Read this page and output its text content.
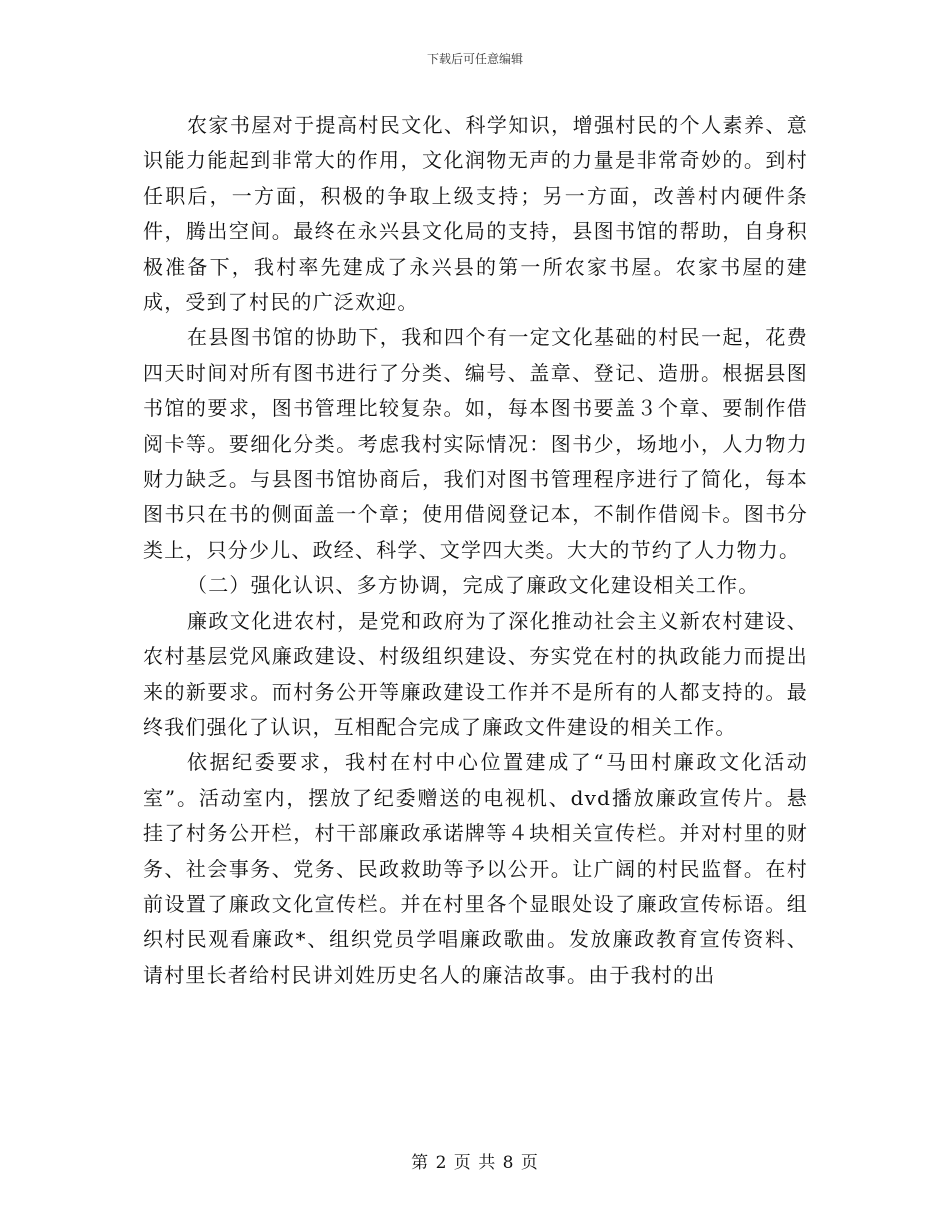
下载后可任意编辑

农家书屋对于提高村民文化、科学知识，增强村民的个人素养、意识能力能起到非常大的作用，文化润物无声的力量是非常奇妙的。到村任职后，一方面，积极的争取上级支持；另一方面，改善村内硬件条件，腾出空间。最终在永兴县文化局的支持，县图书馆的帮助，自身积极准备下，我村率先建成了永兴县的第一所农家书屋。农家书屋的建成，受到了村民的广泛欢迎。

在县图书馆的协助下，我和四个有一定文化基础的村民一起，花费四天时间对所有图书进行了分类、编号、盖章、登记、造册。根据县图书馆的要求，图书管理比较复杂。如，每本图书要盖３个章、要制作借阅卡等。要细化分类。考虑我村实际情况：图书少，场地小，人力物力财力缺乏。与县图书馆协商后，我们对图书管理程序进行了简化，每本图书只在书的侧面盖一个章；使用借阅登记本，不制作借阅卡。图书分类上，只分少儿、政经、科学、文学四大类。大大的节约了人力物力。

（二）强化认识、多方协调，完成了廉政文化建设相关工作。

廉政文化进农村，是党和政府为了深化推动社会主义新农村建设、农村基层党风廉政建设、村级组织建设、夯实党在村的执政能力而提出来的新要求。而村务公开等廉政建设工作并不是所有的人都支持的。最终我们强化了认识，互相配合完成了廉政文件建设的相关工作。

依据纪委要求，我村在村中心位置建成了“马田村廉政文化活动室”。活动室内，摆放了纪委赠送的电视机、dvd播放廉政宣传片。悬挂了村务公开栏，村干部廉政承诺牌等４块相关宣传栏。并对村里的财务、社会事务、党务、民政救助等予以公开。让广阔的村民监督。在村前设置了廉政文化宣传栏。并在村里各个显眼处设了廉政宣传标语。组织村民观看廉政*、组织党员学唱廉政歌曲。发放廉政教育宣传资料、请村里长者给村民讲刘姓历史名人的廉洁故事。由于我村的出

第 2 页 共 8 页
